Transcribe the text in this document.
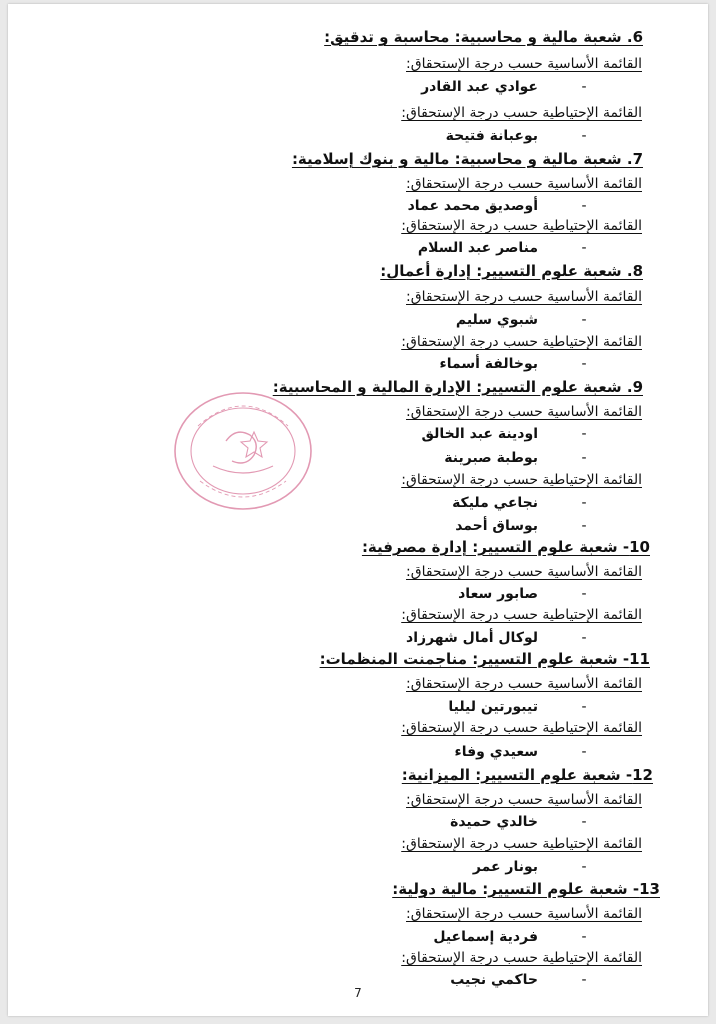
6. شعبة مالية و محاسبية: محاسبة و تدقيق:
القائمة الأساسية حسب درجة الإستحقاق:
-عوادي عبد القادر
القائمة الإحتياطية حسب درجة الإستحقاق:
-بوعبانة فتيحة
7. شعبة مالية و محاسبية: مالية و بنوك إسلامية:
القائمة الأساسية حسب درجة الإستحقاق:
-أوصديق محمد عماد
القائمة الإحتياطية حسب درجة الإستحقاق:
-مناصر عبد السلام
8. شعبة علوم التسيير: إدارة أعمال:
القائمة الأساسية حسب درجة الإستحقاق:
-شبوي سليم
القائمة الإحتياطية حسب درجة الإستحقاق:
-بوخالفة أسماء
9. شعبة علوم التسيير: الإدارة المالية و المحاسبية:
القائمة الأساسية حسب درجة الإستحقاق:
-اودينة عبد الخالق
-بوطبة صبرينة
القائمة الإحتياطية حسب درجة الإستحقاق:
-نجاعي مليكة
-بوساق أحمد
10- شعبة علوم التسيير: إدارة مصرفية:
القائمة الأساسية حسب درجة الإستحقاق:
-صابور سعاد
القائمة الإحتياطية حسب درجة الإستحقاق:
-لوكال أمال شهرزاد
11- شعبة علوم التسيير: مناجمنت المنظمات:
القائمة الأساسية حسب درجة الإستحقاق:
-تيبورتين ليليا
القائمة الإحتياطية حسب درجة الإستحقاق:
-سعيدي وفاء
12- شعبة علوم التسيير: الميزانية:
القائمة الأساسية حسب درجة الإستحقاق:
-خالدي حميدة
القائمة الإحتياطية حسب درجة الإستحقاق:
-بونار عمر
13- شعبة علوم التسيير: مالية دولية:
القائمة الأساسية حسب درجة الإستحقاق:
-فردية إسماعيل
القائمة الإحتياطية حسب درجة الإستحقاق:
-حاكمي نجيب
7
